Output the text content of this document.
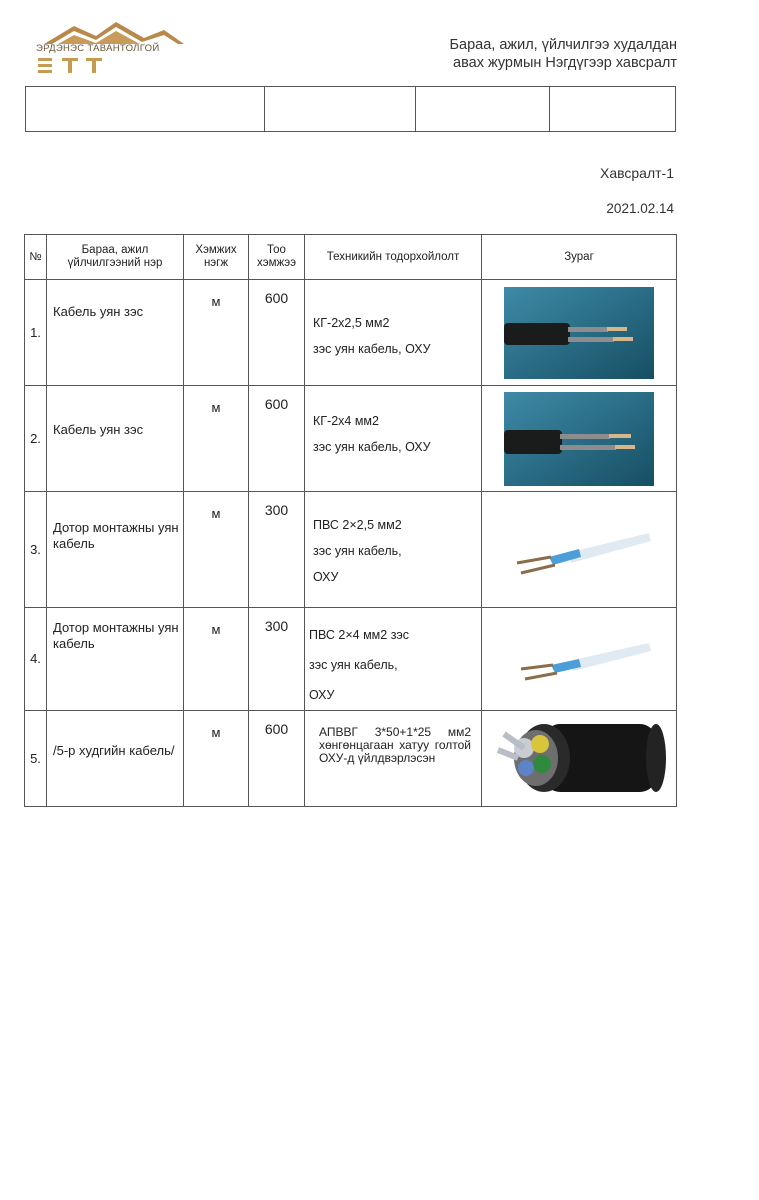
ЭРДЭНЭС ТАВАНТОЛГОЙ	Бараа, ажил, үйлчилгээ худалдан
авах журмын Нэгдүгээр хавсралт
Хавсралт-1
2021.02.14
№	Бараа, ажил үйлчилгээний нэр	Хэмжих нэгж	Тоо хэмжээ	Техникийн тодорхойлолт	Зураг
1.	Кабель уян зэс	м	600	КГ-2х2,5 мм2
зэс уян кабель, ОХУ

2.	Кабель уян зэс	м	600	КГ-2х4 мм2
зэс уян кабель, ОХУ

3.	Дотор монтажны уян кабель	м	300	ПВС 2×2,5 мм2
зэс уян кабель,
ОХУ

4.	Дотор монтажны уян кабель	м	300	ПВС 2×4 мм2 зэс
зэс уян кабель,
ОХУ

5.	/5-р худгийн кабель/	м	600	АПВВГ 3*50+1*25 мм2 хөнгөнцагаан хатуу голтой ОХУ-д үйлдвэрлэсэн	
